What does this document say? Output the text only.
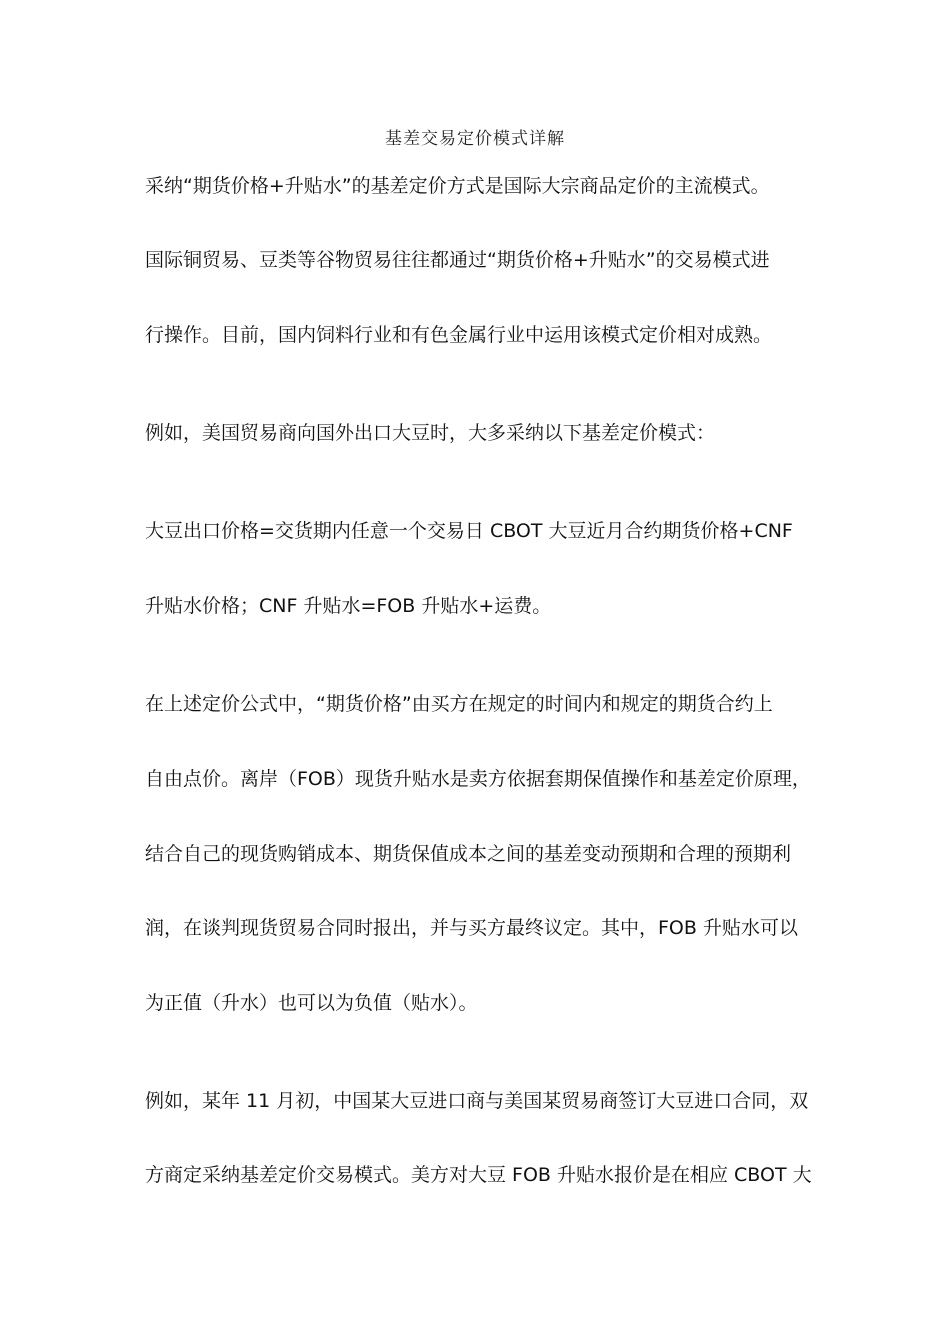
基差交易定价模式详解
采纳“期货价格+升贴水”的基差定价方式是国际大宗商品定价的主流模式。
国际铜贸易、豆类等谷物贸易往往都通过“期货价格+升贴水”的交易模式进
行操作。目前，国内饲料行业和有色金属行业中运用该模式定价相对成熟。
例如，美国贸易商向国外出口大豆时，大多采纳以下基差定价模式：
大豆出口价格=交货期内任意一个交易日 CBOT 大豆近月合约期货价格+CNF
升贴水价格；CNF 升贴水=FOB 升贴水+运费。
在上述定价公式中，“期货价格”由买方在规定的时间内和规定的期货合约上
自由点价。离岸（FOB）现货升贴水是卖方依据套期保值操作和基差定价原理，
结合自己的现货购销成本、期货保值成本之间的基差变动预期和合理的预期利
润，在谈判现货贸易合同时报出，并与买方最终议定。其中，FOB 升贴水可以
为正值（升水）也可以为负值（贴水）。
例如，某年 11 月初，中国某大豆进口商与美国某贸易商签订大豆进口合同，双
方商定采纳基差定价交易模式。美方对大豆 FOB 升贴水报价是在相应 CBOT 大
